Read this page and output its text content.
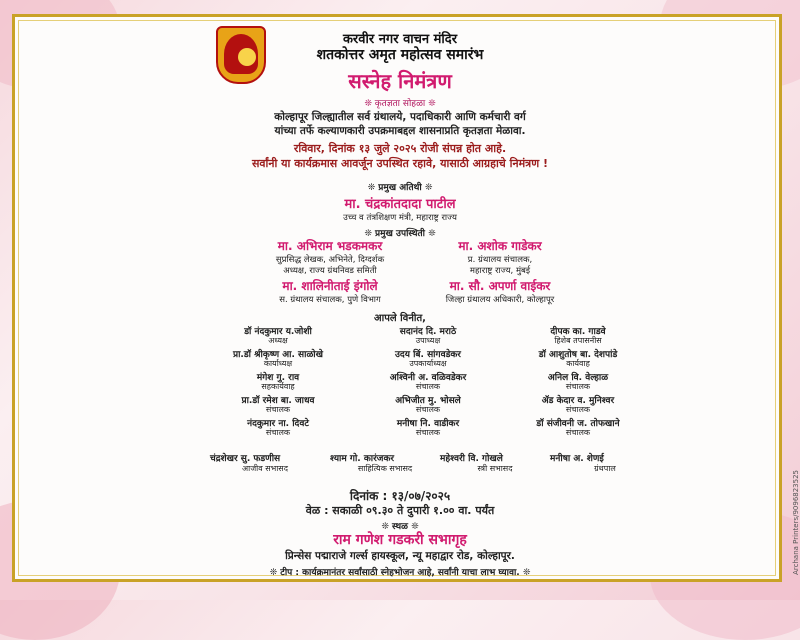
करवीर नगर वाचन मंदिर
शतकोत्तर अमृत महोत्सव समारंभ
सस्नेह निमंत्रण
❊ कृतज्ञता सोहळा ❊
कोल्हापूर जिल्ह्यातील सर्व ग्रंथालये, पदाधिकारी आणि कर्मचारी वर्ग
यांच्या तर्फे कल्याणकारी उपक्रमाबद्दल शासनाप्रति कृतज्ञता मेळावा.
रविवार, दिनांक १३ जुले २०२५ रोजी संपन्न होत आहे.
सर्वांनी या कार्यक्रमास आवर्जून उपस्थित रहावे, यासाठी आग्रहाचे निमंत्रण !
❊ प्रमुख अतिथी ❊
मा. चंद्रकांतदादा पाटील
उच्च व तंत्रशिक्षण मंत्री, महाराष्ट्र राज्य
❊ प्रमुख उपस्थिती ❊
मा. अभिराम भडकमकर
सुप्रसिद्ध लेखक, अभिनेते, दिग्दर्शक
अध्यक्ष, राज्य ग्रंथनिवड समिती
मा. अशोक गाडेकर
प्र. ग्रंथालय संचालक,
महाराष्ट्र राज्य, मुंबई
मा. शालिनीताई इंगोले
स. ग्रंथालय संचालक, पुणे विभाग
मा. सौ. अपर्णा वाईकर
जिल्हा ग्रंथालय अधिकारी, कोल्हापूर
आपले विनीत,
डॉ नंदकुमार य.जोशी
अध्यक्ष
सदानंद दि. मराठे
उपाध्यक्ष
दीपक का. गाडवे
हिशेब तपासनीस
प्रा.डॉ श्रीकृष्ण आ. साळोखे
कार्याध्यक्ष
उदय बिं. सांगवडेकर
उपकार्याध्यक्ष
डॉ आशुतोष बा. देशपांडे
कार्यवाह
मंगेश गु. राव
सहकार्यवाह
अश्विनी अ. वळिवडेकर
संचालक
अनिल वि. वेल्हाळ
संचालक
प्रा.डॉ रमेश बा. जाधव
संचालक
अभिजीत मु. भोसले
संचालक
ॲड केदार व. मुनिश्वर
संचालक
नंदकुमार ना. दिवटे
संचालक
मनीषा नि. वाडीकर
संचालक
डॉ संजीवनी ज. तोफखाने
संचालक
चंद्रशेखर सु. फडणीस
आजीव सभासद
श्याम गो. कारंजकर
साहित्यिक सभासद
महेश्वरी वि. गोखले
स्त्री सभासद
मनीषा अ. शेणई
ग्रंथपाल
दिनांक : १३/०७/२०२५
वेळ : सकाळी ०९.३० ते दुपारी १.०० वा. पर्यंत
❊ स्थळ ❊
राम गणेश गडकरी सभागृह
प्रिन्सेस पद्माराजे गर्ल्स हायस्कूल, न्यू महाद्वार रोड, कोल्हापूर.
❊ टीप : कार्यक्रमानंतर सर्वांसाठी स्नेहभोजन आहे, सर्वांनी याचा लाभ घ्यावा. ❊	Archana Printers/9096823525
